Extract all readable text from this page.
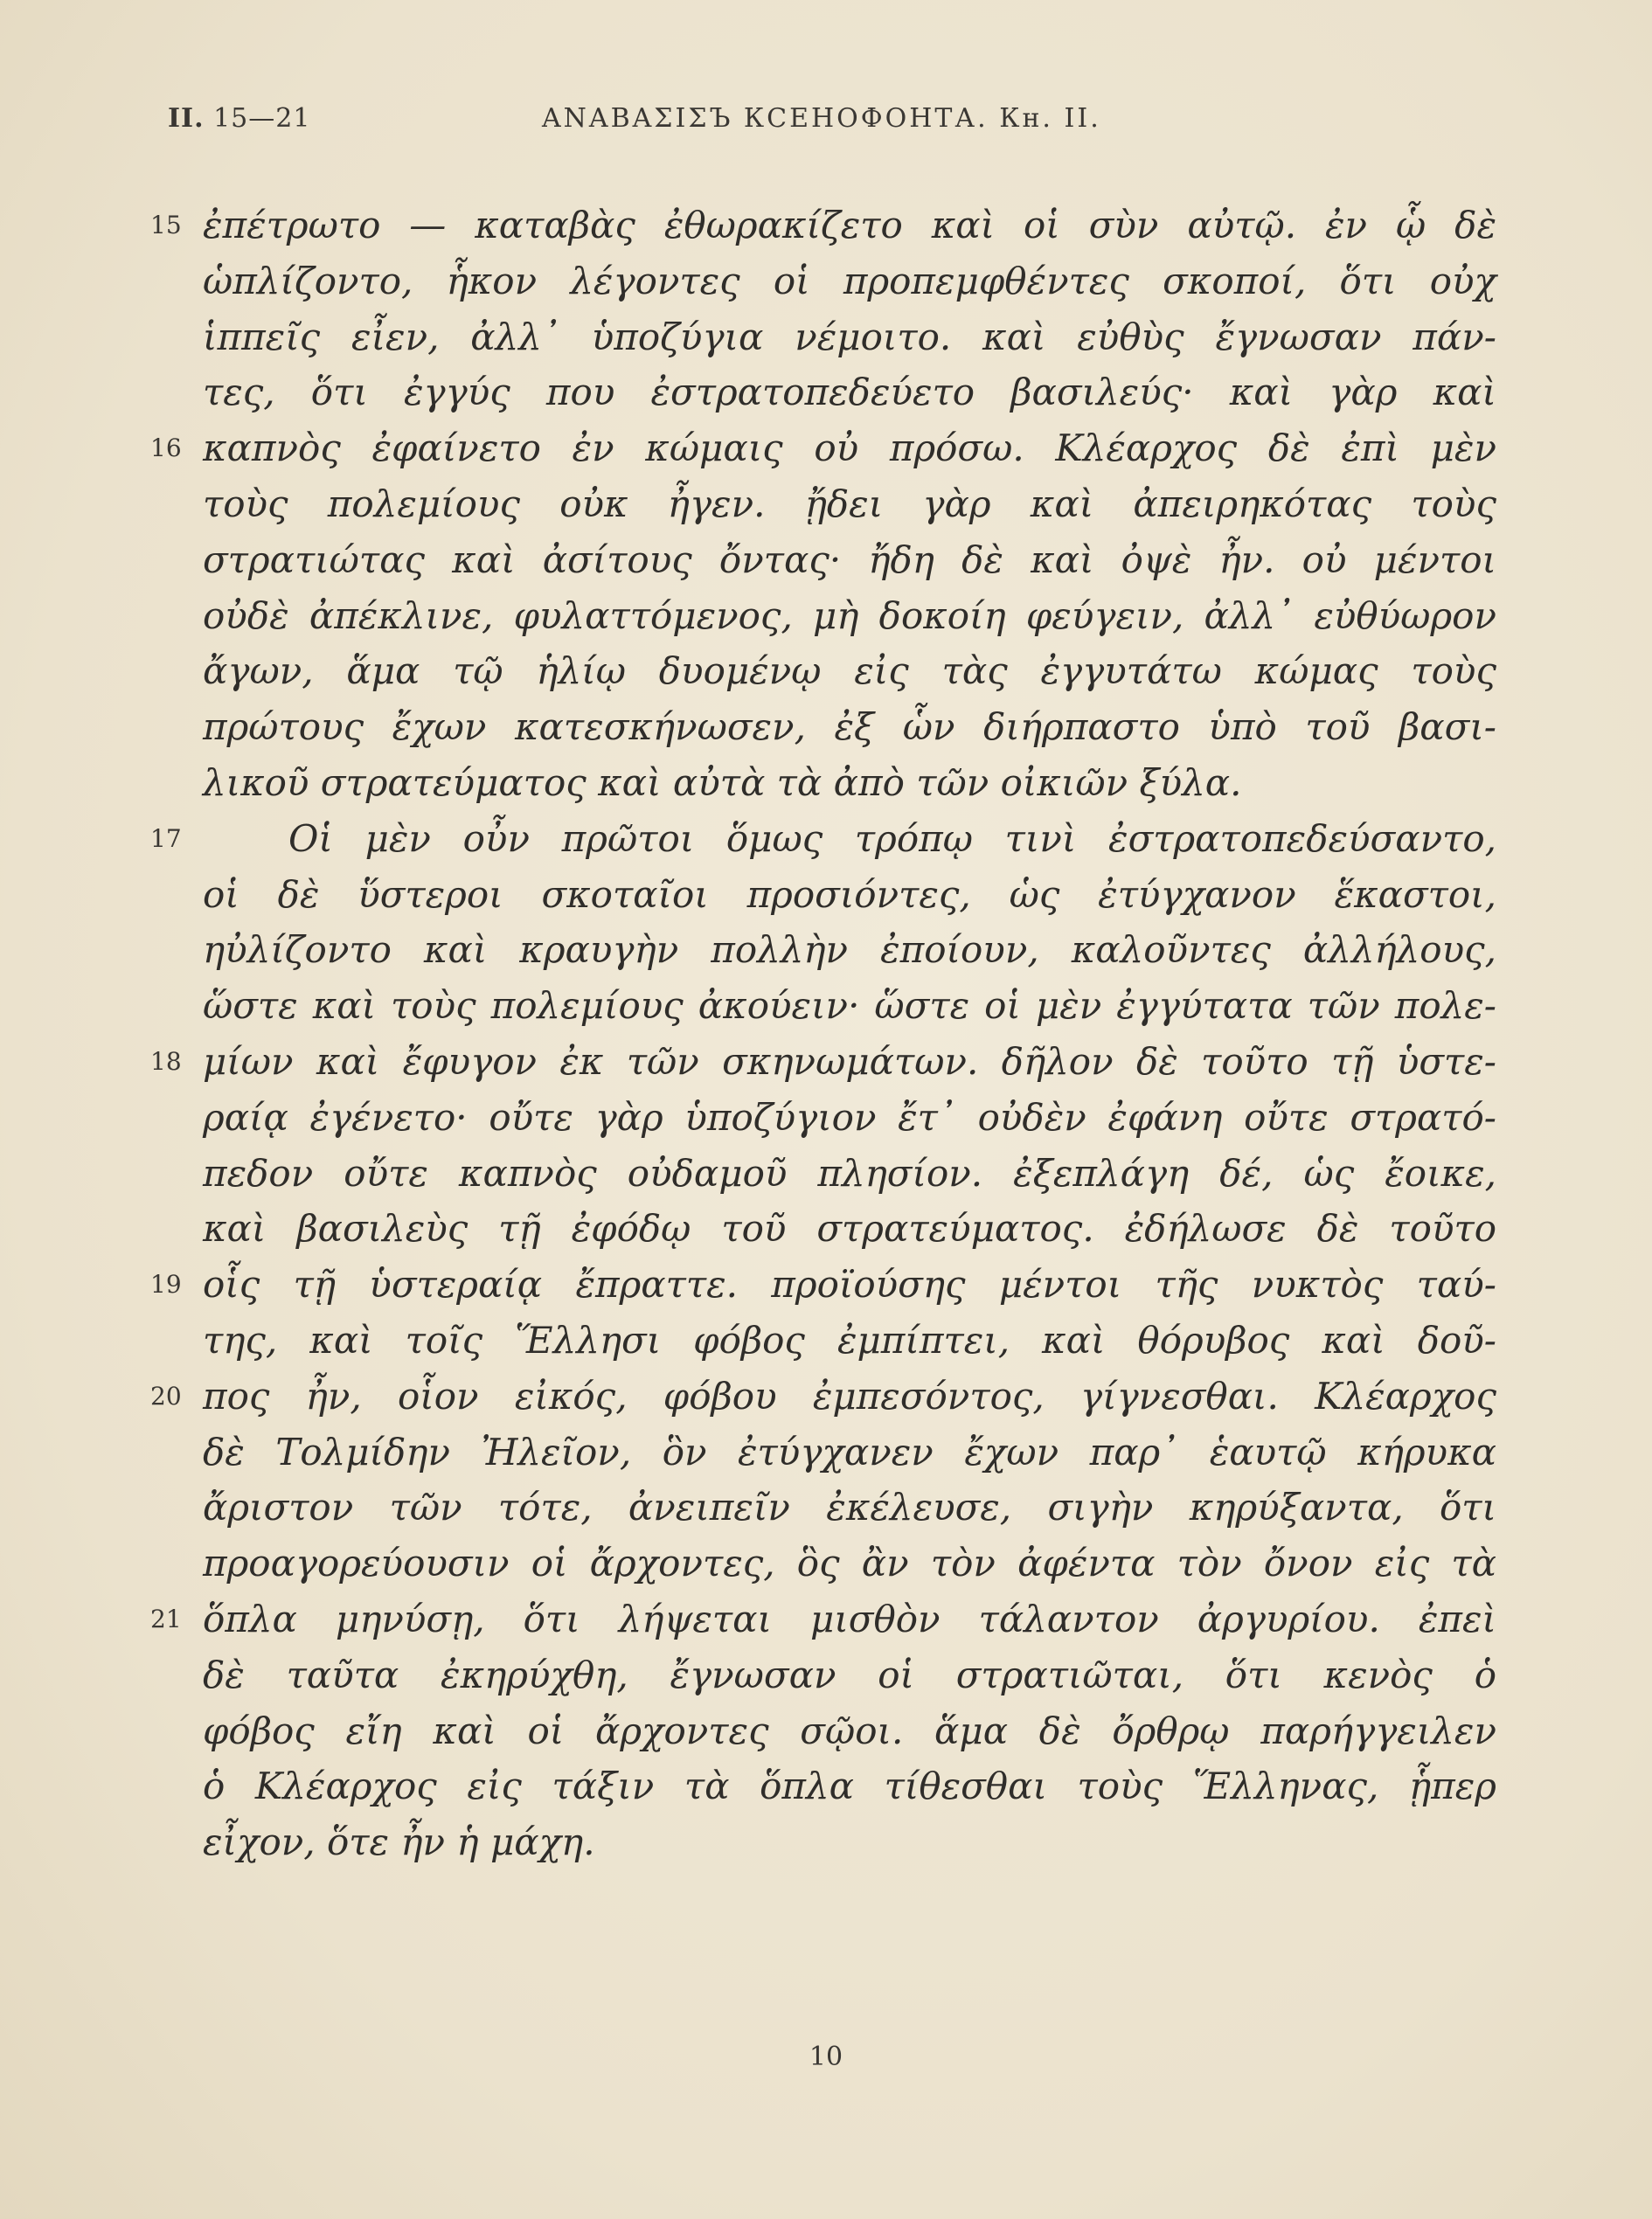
II. 15—21	ΑΝΑΒΑΣΙΣЪ КСЕНОФОНТА. Кн. II.
15 ἐπέτρωτο — καταβὰς ἐθωρακίζετο καὶ οἱ σὺν αὐτῷ. ἐν ᾧ δὲ
ὡπλίζοντο, ἧκον λέγοντες οἱ προπεμφθέντες σκοποί, ὅτι οὐχ
ἱππεῖς εἶεν, ἀλλ᾽ ὑποζύγια νέμοιτο. καὶ εὐθὺς ἔγνωσαν πάν-
τες, ὅτι ἐγγύς που ἐστρατοπεδεύετο βασιλεύς· καὶ γὰρ καὶ
16 καπνὸς ἐφαίνετο ἐν κώμαις οὐ πρόσω. Κλέαρχος δὲ ἐπὶ μὲν
τοὺς πολεμίους οὐκ ἦγεν. ᾔδει γὰρ καὶ ἀπειρηκότας τοὺς
στρατιώτας καὶ ἀσίτους ὄντας· ἤδη δὲ καὶ ὀψὲ ἦν. οὐ μέντοι
οὐδὲ ἀπέκλινε, φυλαττόμενος, μὴ δοκοίη φεύγειν, ἀλλ᾽ εὐθύωρον
ἄγων, ἅμα τῷ ἡλίῳ δυομένῳ εἰς τὰς ἐγγυτάτω κώμας τοὺς
πρώτους ἔχων κατεσκήνωσεν, ἐξ ὧν διήρπαστο ὑπὸ τοῦ βασι-
λικοῦ στρατεύματος καὶ αὐτὰ τὰ ἀπὸ τῶν οἰκιῶν ξύλα.
17	Οἱ μὲν οὖν πρῶτοι ὅμως τρόπῳ τινὶ ἐστρατοπεδεύσαντο,
οἱ δὲ ὕστεροι σκοταῖοι προσιόντες, ὡς ἐτύγχανον ἕκαστοι,
ηὐλίζοντο καὶ κραυγὴν πολλὴν ἐποίουν, καλοῦντες ἀλλήλους,
ὥστε καὶ τοὺς πολεμίους ἀκούειν· ὥστε οἱ μὲν ἐγγύτατα τῶν πολε-
18 μίων καὶ ἔφυγον ἐκ τῶν σκηνωμάτων. δῆλον δὲ τοῦτο τῇ ὑστε-
ραίᾳ ἐγένετο· οὔτε γὰρ ὑποζύγιον ἔτ᾽ οὐδὲν ἐφάνη οὔτε στρατό-
πεδον οὔτε καπνὸς οὐδαμοῦ πλησίον. ἐξεπλάγη δέ, ὡς ἔοικε,
καὶ βασιλεὺς τῇ ἐφόδῳ τοῦ στρατεύματος. ἐδήλωσε δὲ τοῦτο
19 οἷς τῇ ὑστεραίᾳ ἔπραττε. προϊούσης μέντοι τῆς νυκτὸς ταύ-
της, καὶ τοῖς Ἕλλησι φόβος ἐμπίπτει, καὶ θόρυβος καὶ δοῦ-
20 πος ἦν, οἷον εἰκός, φόβου ἐμπεσόντος, γίγνεσθαι. Κλέαρχος
δὲ Τολμίδην Ἠλεῖον, ὃν ἐτύγχανεν ἔχων παρ᾽ ἑαυτῷ κήρυκα
ἄριστον τῶν τότε, ἀνειπεῖν ἐκέλευσε, σιγὴν κηρύξαντα, ὅτι
προαγορεύουσιν οἱ ἄρχοντες, ὃς ἂν τὸν ἀφέντα τὸν ὄνον εἰς τὰ
21 ὅπλα μηνύσῃ, ὅτι λήψεται μισθὸν τάλαντον ἀργυρίου. ἐπεὶ
δὲ ταῦτα ἐκηρύχθη, ἔγνωσαν οἱ στρατιῶται, ὅτι κενὸς ὁ
φόβος εἴη καὶ οἱ ἄρχοντες σῷοι. ἅμα δὲ ὄρθρῳ παρήγγειλεν
ὁ Κλέαρχος εἰς τάξιν τὰ ὅπλα τίθεσθαι τοὺς Ἕλληνας, ᾗπερ
εἶχον, ὅτε ἦν ἡ μάχη.
10
